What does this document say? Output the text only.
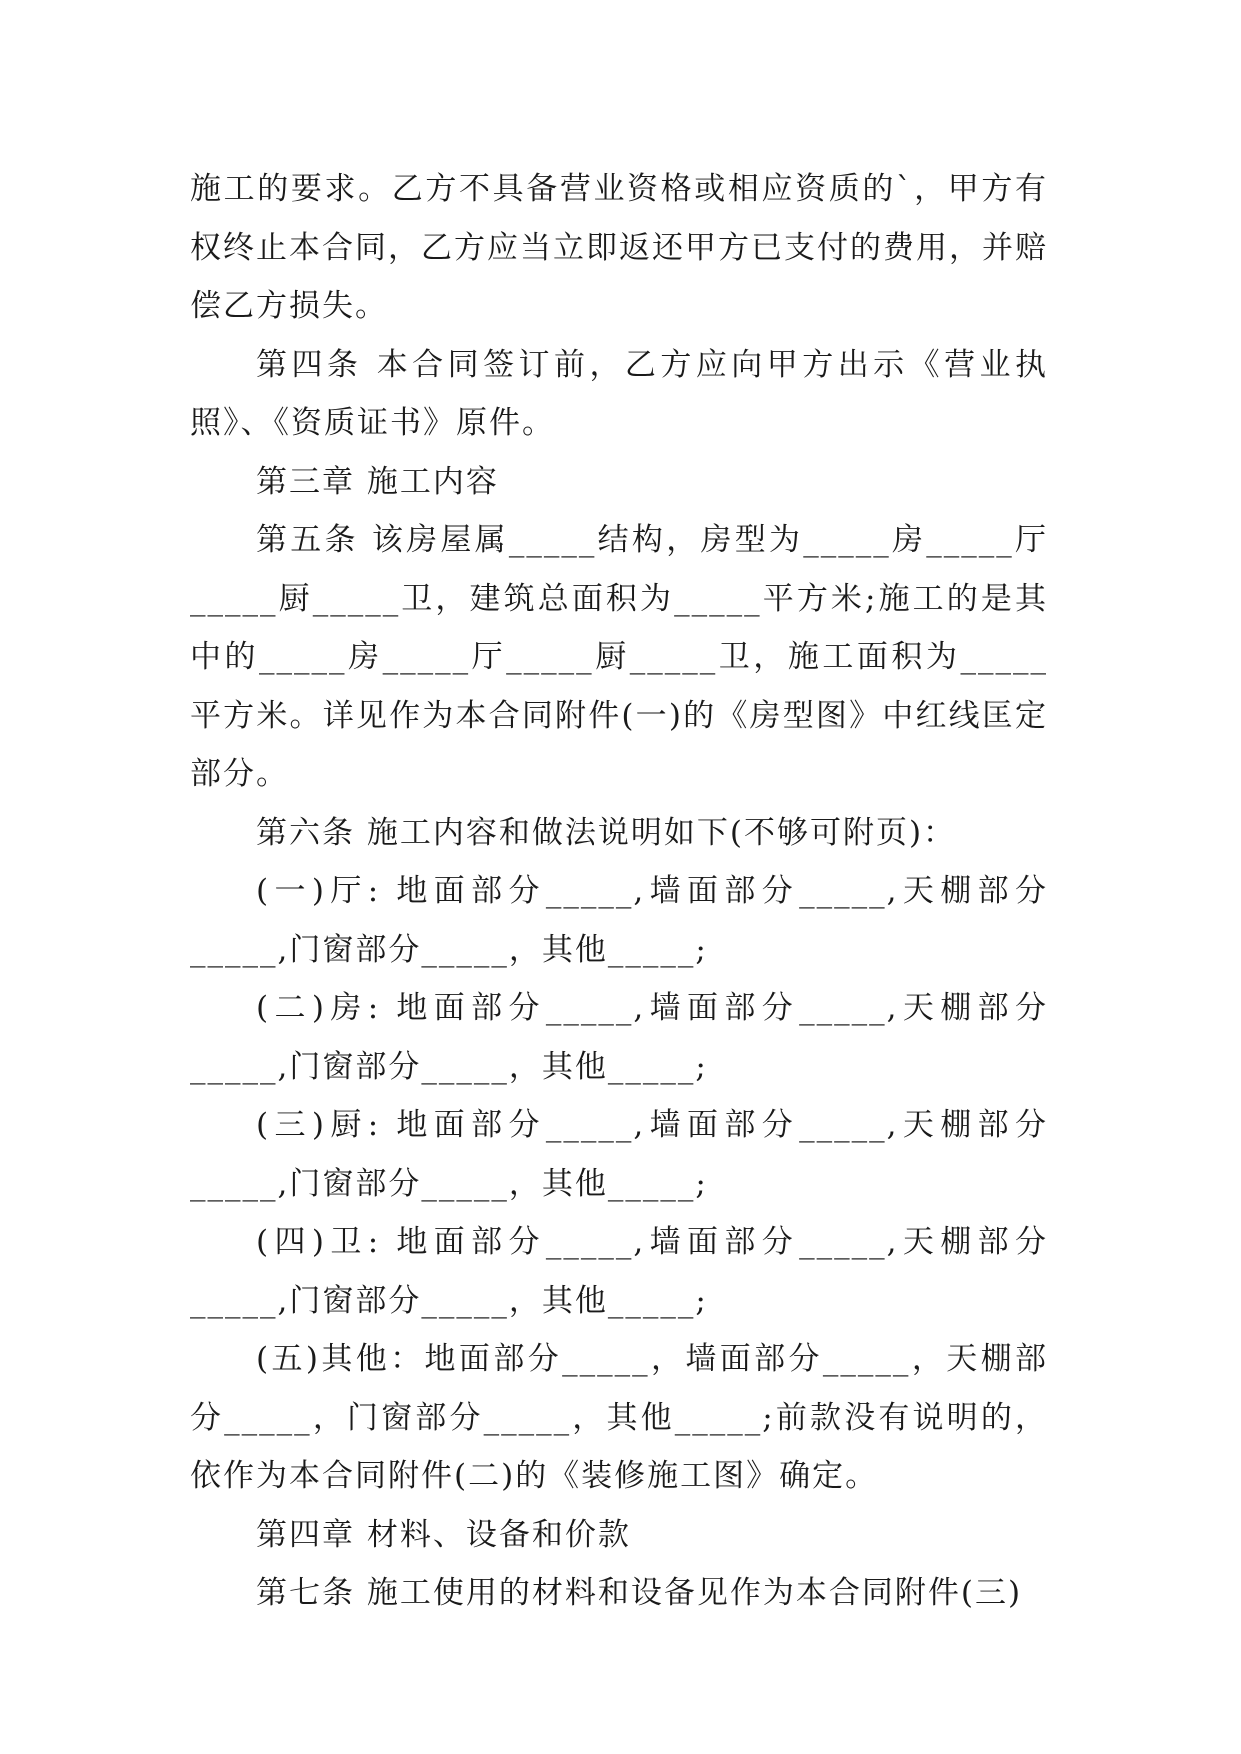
施工的要求。乙方不具备营业资格或相应资质的`，甲方有权终止本合同，乙方应当立即返还甲方已支付的费用，并赔偿乙方损失。

第四条 本合同签订前，乙方应向甲方出示《营业执照》、《资质证书》原件。

第三章 施工内容

第五条 该房屋属_____结构，房型为_____房_____厅_____厨_____卫，建筑总面积为_____平方米;施工的是其中的_____房_____厅_____厨_____卫，施工面积为_____平方米。详见作为本合同附件(一)的《房型图》中红线匡定部分。

第六条 施工内容和做法说明如下(不够可附页)：

(一)厅: 地面部分_____,墙面部分_____,天棚部分_____,门窗部分_____，其他_____;

(二)房: 地面部分_____,墙面部分_____,天棚部分_____,门窗部分_____，其他_____;

(三)厨: 地面部分_____,墙面部分_____,天棚部分_____,门窗部分_____，其他_____;

(四)卫: 地面部分_____,墙面部分_____,天棚部分_____,门窗部分_____，其他_____;

(五)其他：地面部分_____，墙面部分_____，天棚部分_____，门窗部分_____，其他_____;前款没有说明的，依作为本合同附件(二)的《装修施工图》确定。

第四章 材料、设备和价款

第七条 施工使用的材料和设备见作为本合同附件(三)
